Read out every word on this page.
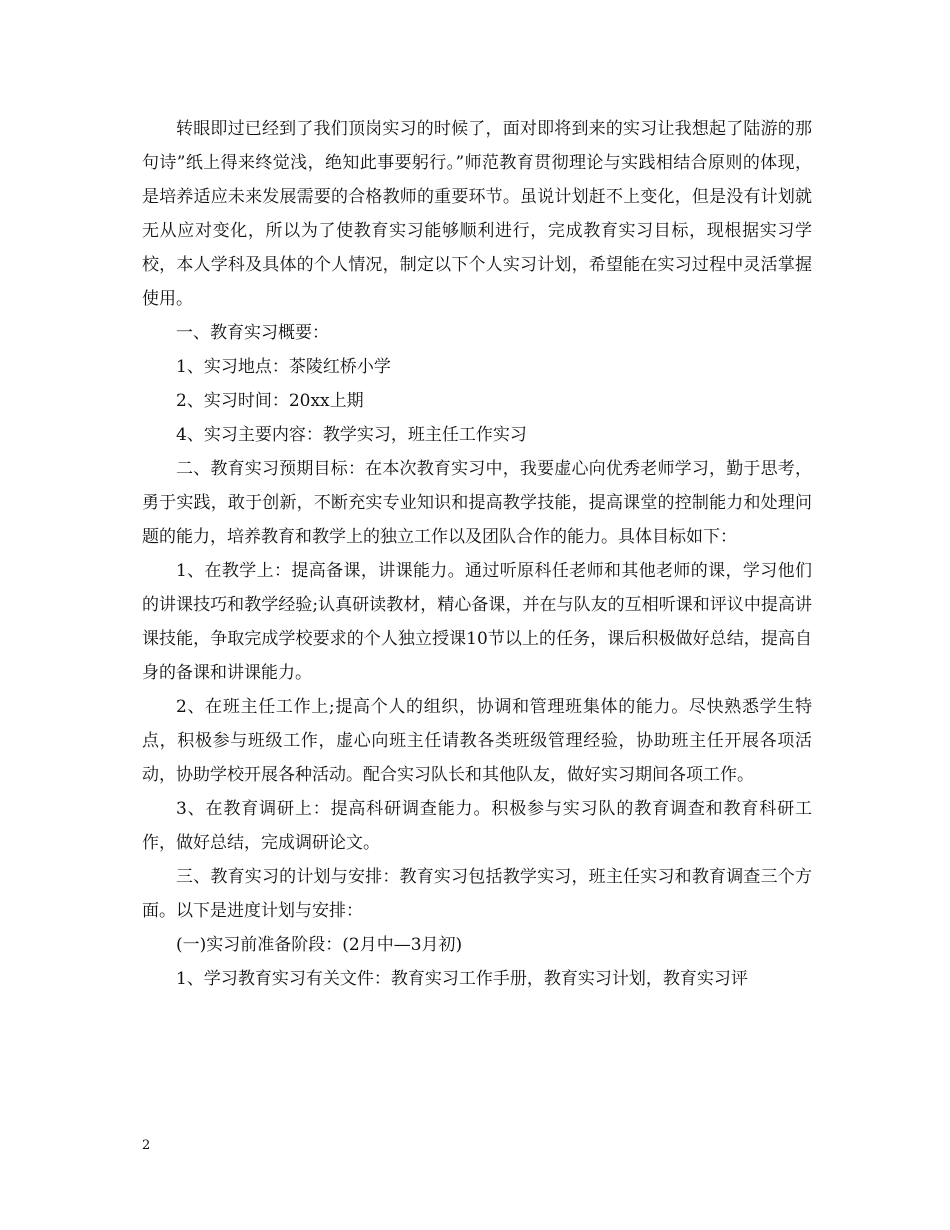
转眼即过已经到了我们顶岗实习的时候了，面对即将到来的实习让我想起了陆游的那句诗”纸上得来终觉浅，绝知此事要躬行。”师范教育贯彻理论与实践相结合原则的体现，是培养适应未来发展需要的合格教师的重要环节。虽说计划赶不上变化，但是没有计划就无从应对变化，所以为了使教育实习能够顺利进行，完成教育实习目标，现根据实习学校，本人学科及具体的个人情况，制定以下个人实习计划，希望能在实习过程中灵活掌握使用。

一、教育实习概要：

1、实习地点：茶陵红桥小学

2、实习时间：20xx上期

4、实习主要内容：教学实习，班主任工作实习

二、教育实习预期目标：在本次教育实习中，我要虚心向优秀老师学习，勤于思考，勇于实践，敢于创新，不断充实专业知识和提高教学技能，提高课堂的控制能力和处理问题的能力，培养教育和教学上的独立工作以及团队合作的能力。具体目标如下：

1、在教学上：提高备课，讲课能力。通过听原科任老师和其他老师的课，学习他们的讲课技巧和教学经验;认真研读教材，精心备课，并在与队友的互相听课和评议中提高讲课技能，争取完成学校要求的个人独立授课10节以上的任务，课后积极做好总结，提高自身的备课和讲课能力。

2、在班主任工作上;提高个人的组织，协调和管理班集体的能力。尽快熟悉学生特点，积极参与班级工作，虚心向班主任请教各类班级管理经验，协助班主任开展各项活动，协助学校开展各种活动。配合实习队长和其他队友，做好实习期间各项工作。

3、在教育调研上：提高科研调查能力。积极参与实习队的教育调查和教育科研工作，做好总结，完成调研论文。

三、教育实习的计划与安排：教育实习包括教学实习，班主任实习和教育调查三个方面。以下是进度计划与安排：

(一)实习前准备阶段：(2月中—3月初)

1、学习教育实习有关文件：教育实习工作手册，教育实习计划，教育实习评

2
